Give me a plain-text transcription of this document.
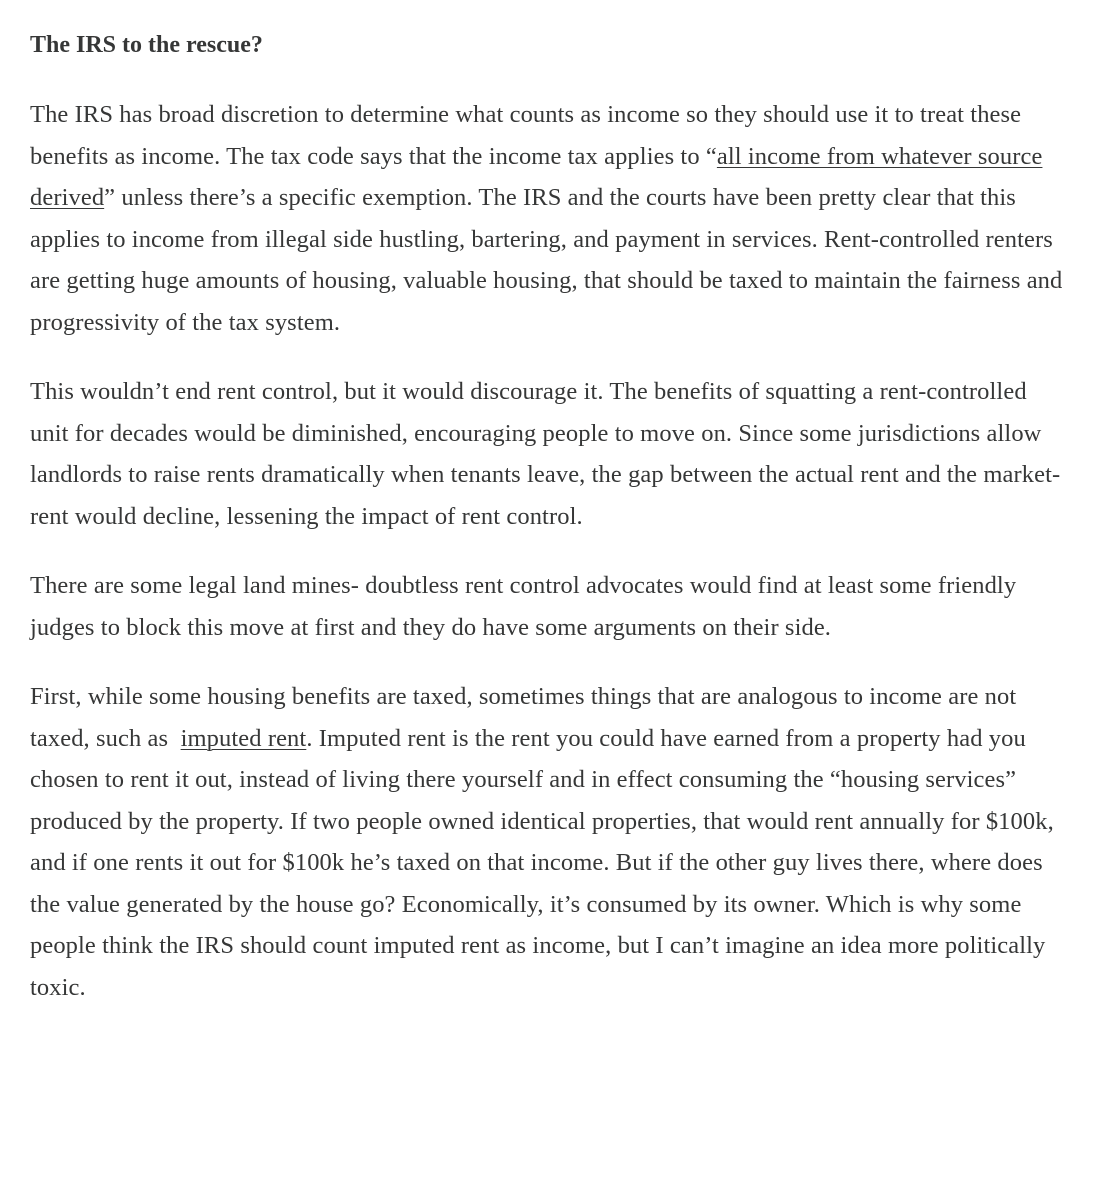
The IRS to the rescue?

The IRS has broad discretion to determine what counts as income so they should use it to treat these benefits as income. The tax code says that the income tax applies to “all income from whatever source derived” unless there’s a specific exemption. The IRS and the courts have been pretty clear that this applies to income from illegal side hustling, bartering, and payment in services. Rent-controlled renters are getting huge amounts of housing, valuable housing, that should be taxed to maintain the fairness and progressivity of the tax system.

This wouldn’t end rent control, but it would discourage it. The benefits of squatting a rent-controlled unit for decades would be diminished, encouraging people to move on. Since some jurisdictions allow landlords to raise rents dramatically when tenants leave, the gap between the actual rent and the market-rent would decline, lessening the impact of rent control.

There are some legal land mines- doubtless rent control advocates would find at least some friendly judges to block this move at first and they do have some arguments on their side.

First, while some housing benefits are taxed, sometimes things that are analogous to income are not taxed, such as  imputed rent. Imputed rent is the rent you could have earned from a property had you chosen to rent it out, instead of living there yourself and in effect consuming the “housing services” produced by the property. If two people owned identical properties, that would rent annually for $100k, and if one rents it out for $100k he’s taxed on that income. But if the other guy lives there, where does the value generated by the house go? Economically, it’s consumed by its owner. Which is why some people think the IRS should count imputed rent as income, but I can’t imagine an idea more politically toxic.
